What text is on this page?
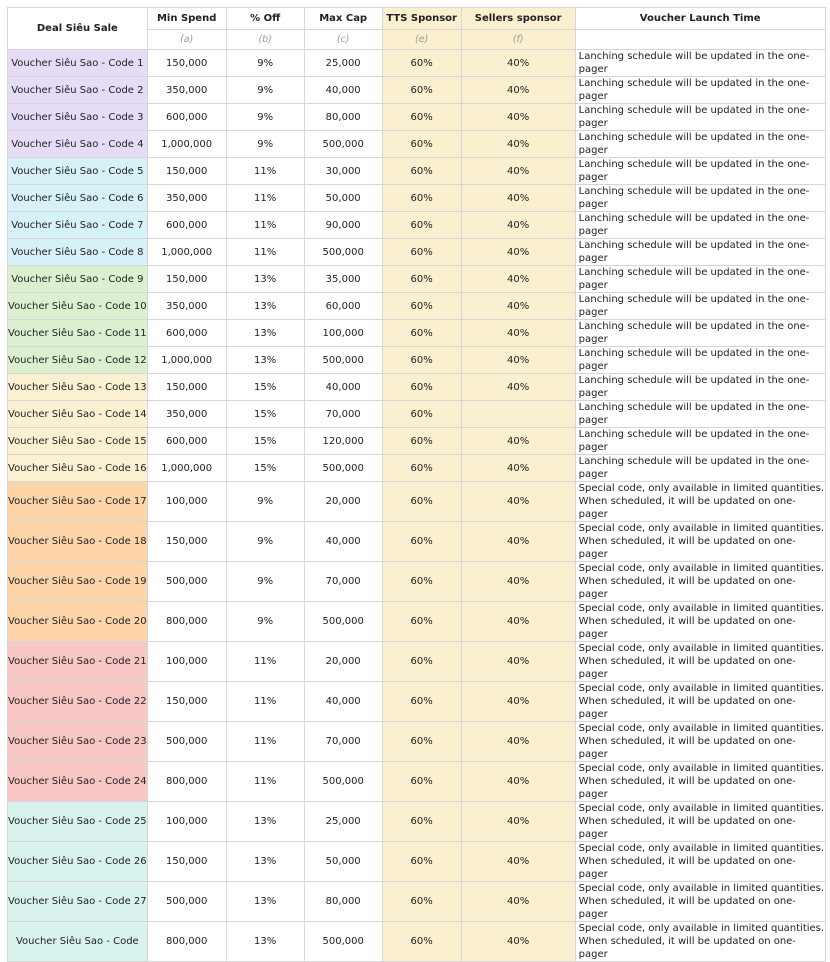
Deal Siêu Sale	Min Spend	% Off	Max Cap	TTS Sponsor	Sellers sponsor	Voucher Launch Time
	(a)	(b)	(c)	(e)	(f)	
Voucher Siêu Sao - Code 1	150,000	9%	25,000	60%	40%	Lanching schedule will be updated in the one-pager
Voucher Siêu Sao - Code 2	350,000	9%	40,000	60%	40%	Lanching schedule will be updated in the one-pager
Voucher Siêu Sao - Code 3	600,000	9%	80,000	60%	40%	Lanching schedule will be updated in the one-pager
Voucher Siêu Sao - Code 4	1,000,000	9%	500,000	60%	40%	Lanching schedule will be updated in the one-pager
Voucher Siêu Sao - Code 5	150,000	11%	30,000	60%	40%	Lanching schedule will be updated in the one-pager
Voucher Siêu Sao - Code 6	350,000	11%	50,000	60%	40%	Lanching schedule will be updated in the one-pager
Voucher Siêu Sao - Code 7	600,000	11%	90,000	60%	40%	Lanching schedule will be updated in the one-pager
Voucher Siêu Sao - Code 8	1,000,000	11%	500,000	60%	40%	Lanching schedule will be updated in the one-pager
Voucher Siêu Sao - Code 9	150,000	13%	35,000	60%	40%	Lanching schedule will be updated in the one-pager
Voucher Siêu Sao - Code 10	350,000	13%	60,000	60%	40%	Lanching schedule will be updated in the one-pager
Voucher Siêu Sao - Code 11	600,000	13%	100,000	60%	40%	Lanching schedule will be updated in the one-pager
Voucher Siêu Sao - Code 12	1,000,000	13%	500,000	60%	40%	Lanching schedule will be updated in the one-pager
Voucher Siêu Sao - Code 13	150,000	15%	40,000	60%	40%	Lanching schedule will be updated in the one-pager
Voucher Siêu Sao - Code 14	350,000	15%	70,000	60%		Lanching schedule will be updated in the one-pager
Voucher Siêu Sao - Code 15	600,000	15%	120,000	60%	40%	Lanching schedule will be updated in the one-pager
Voucher Siêu Sao - Code 16	1,000,000	15%	500,000	60%	40%	Lanching schedule will be updated in the one-pager
Voucher Siêu Sao - Code 17	100,000	9%	20,000	60%	40%	Special code, only available in limited quantities. When scheduled, it will be updated on one-pager
Voucher Siêu Sao - Code 18	150,000	9%	40,000	60%	40%	Special code, only available in limited quantities. When scheduled, it will be updated on one-pager
Voucher Siêu Sao - Code 19	500,000	9%	70,000	60%	40%	Special code, only available in limited quantities. When scheduled, it will be updated on one-pager
Voucher Siêu Sao - Code 20	800,000	9%	500,000	60%	40%	Special code, only available in limited quantities. When scheduled, it will be updated on one-pager
Voucher Siêu Sao - Code 21	100,000	11%	20,000	60%	40%	Special code, only available in limited quantities. When scheduled, it will be updated on one-pager
Voucher Siêu Sao - Code 22	150,000	11%	40,000	60%	40%	Special code, only available in limited quantities. When scheduled, it will be updated on one-pager
Voucher Siêu Sao - Code 23	500,000	11%	70,000	60%	40%	Special code, only available in limited quantities. When scheduled, it will be updated on one-pager
Voucher Siêu Sao - Code 24	800,000	11%	500,000	60%	40%	Special code, only available in limited quantities. When scheduled, it will be updated on one-pager
Voucher Siêu Sao - Code 25	100,000	13%	25,000	60%	40%	Special code, only available in limited quantities. When scheduled, it will be updated on one-pager
Voucher Siêu Sao - Code 26	150,000	13%	50,000	60%	40%	Special code, only available in limited quantities. When scheduled, it will be updated on one-pager
Voucher Siêu Sao - Code 27	500,000	13%	80,000	60%	40%	Special code, only available in limited quantities. When scheduled, it will be updated on one-pager
Voucher Siêu Sao - Code	800,000	13%	500,000	60%	40%	Special code, only available in limited quantities. When scheduled, it will be updated on one-pager
